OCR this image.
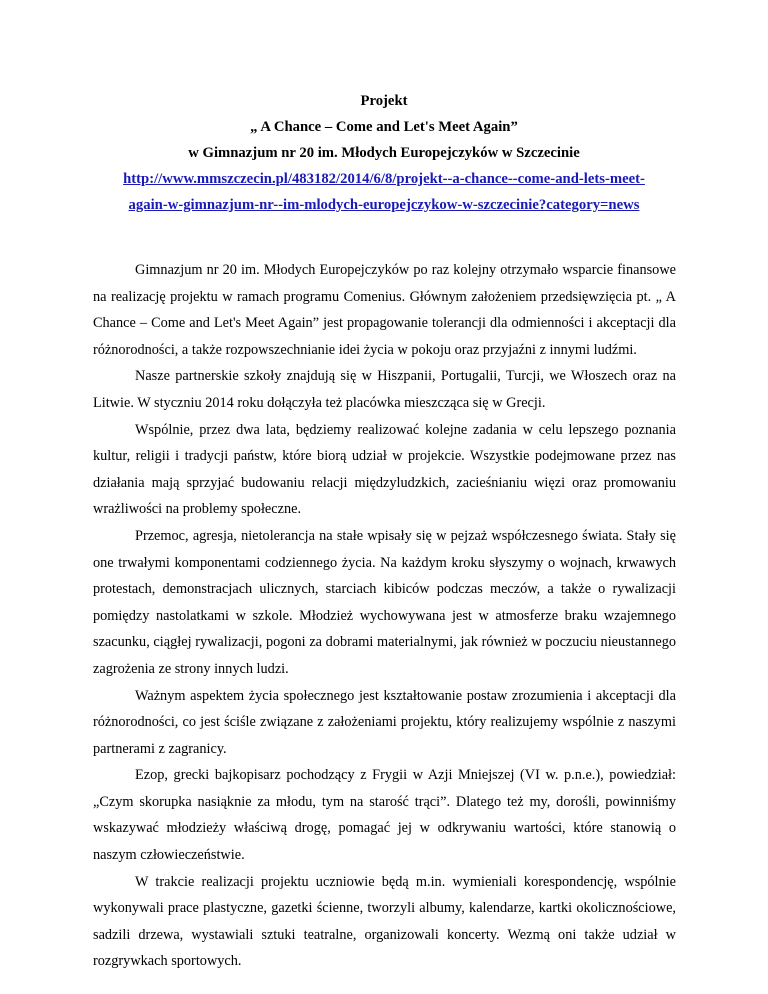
Projekt
„ A Chance – Come and Let's Meet Again”
w Gimnazjum nr 20 im. Młodych Europejczyków w Szczecinie
http://www.mmszczecin.pl/483182/2014/6/8/projekt--a-chance--come-and-lets-meet-
again-w-gimnazjum-nr--im-mlodych-europejczykow-w-szczecinie?category=news

Gimnazjum nr 20 im. Młodych Europejczyków po raz kolejny otrzymało wsparcie finansowe na realizację projektu w ramach programu Comenius. Głównym założeniem przedsięwzięcia pt. „ A Chance – Come and Let's Meet Again” jest propagowanie tolerancji dla odmienności i akceptacji dla różnorodności, a także rozpowszechnianie idei życia w pokoju oraz przyjaźni z innymi ludźmi.

Nasze partnerskie szkoły znajdują się w Hiszpanii, Portugalii, Turcji, we Włoszech oraz na Litwie. W styczniu 2014 roku dołączyła też placówka mieszcząca się w Grecji.

Wspólnie, przez dwa lata, będziemy realizować kolejne zadania w celu lepszego poznania kultur, religii i tradycji państw, które biorą udział w projekcie. Wszystkie podejmowane przez nas działania mają sprzyjać budowaniu relacji międzyludzkich, zacieśnianiu więzi oraz promowaniu wrażliwości na problemy społeczne.

Przemoc, agresja, nietolerancja na stałe wpisały się w pejzaż współczesnego świata. Stały się one trwałymi komponentami codziennego życia. Na każdym kroku słyszymy o wojnach, krwawych protestach, demonstracjach ulicznych, starciach kibiców podczas meczów, a także o rywalizacji pomiędzy nastolatkami w szkole. Młodzież wychowywana jest w atmosferze braku wzajemnego szacunku, ciągłej rywalizacji, pogoni za dobrami materialnymi, jak również w poczuciu nieustannego zagrożenia ze strony innych ludzi.

Ważnym aspektem życia społecznego jest kształtowanie postaw zrozumienia i akceptacji dla różnorodności, co jest ściśle związane z założeniami projektu, który realizujemy wspólnie z naszymi partnerami z zagranicy.

Ezop, grecki bajkopisarz pochodzący z Frygii w Azji Mniejszej (VI w. p.n.e.), powiedział: „Czym skorupka nasiąknie za młodu, tym na starość trąci”. Dlatego też my, dorośli, powinniśmy wskazywać młodzieży właściwą drogę, pomagać jej w odkrywaniu wartości, które stanowią o naszym człowieczeństwie.

W trakcie realizacji projektu uczniowie będą m.in. wymieniali korespondencję, wspólnie wykonywali prace plastyczne, gazetki ścienne, tworzyli albumy, kalendarze, kartki okolicznościowe, sadzili drzewa, wystawiali sztuki teatralne, organizowali koncerty. Wezmą oni także udział w rozgrywkach sportowych.
